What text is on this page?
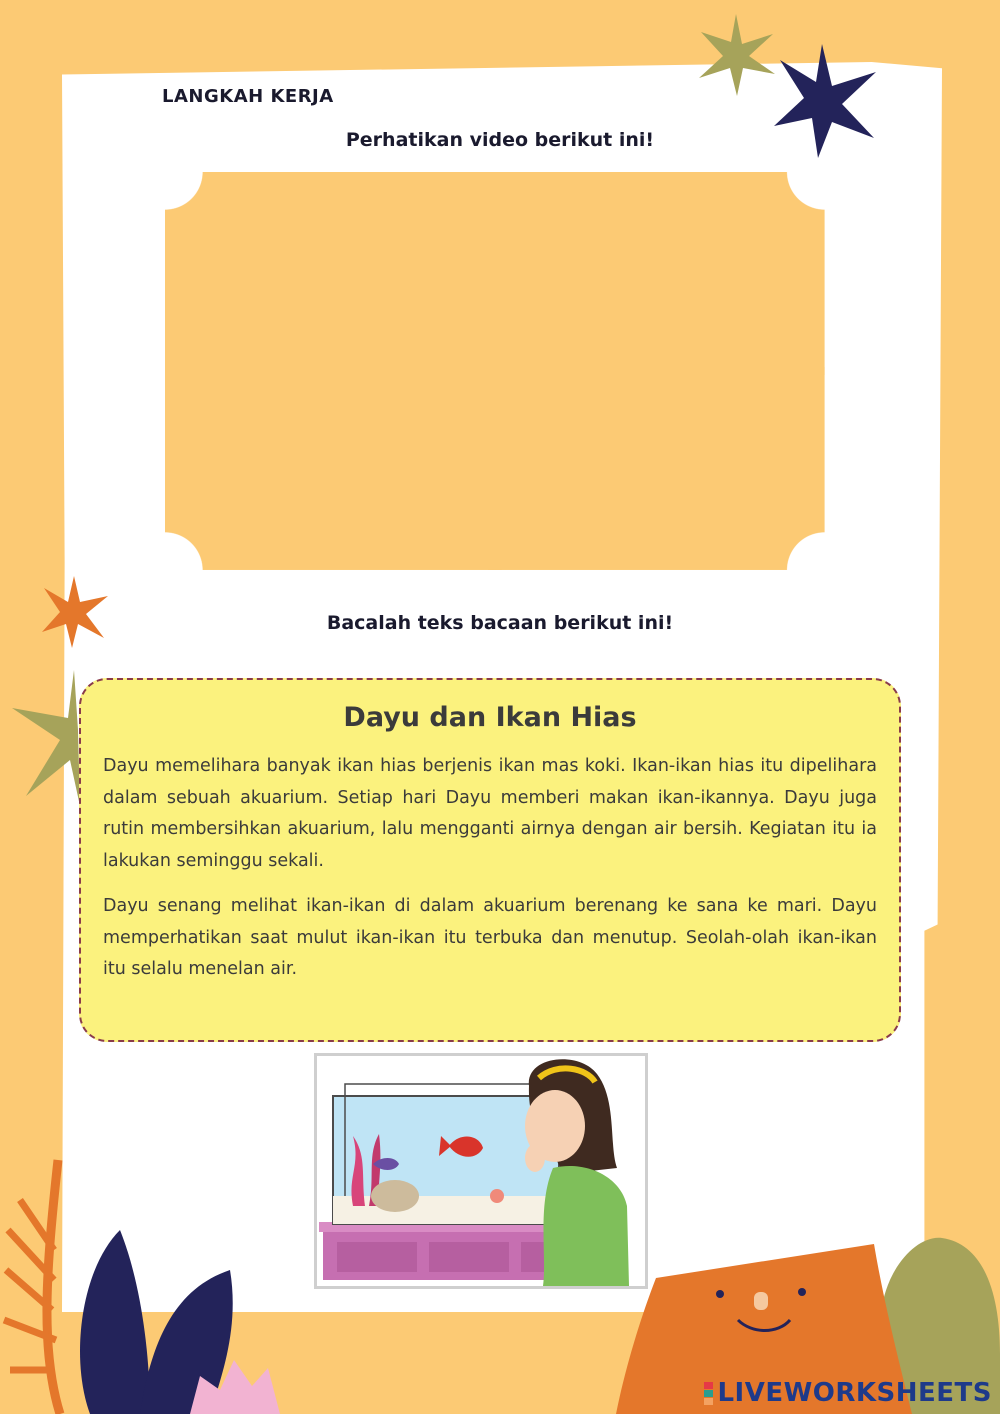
LANGKAH KERJA
Perhatikan video berikut ini!
Bacalah teks bacaan berikut ini!
Dayu dan Ikan Hias

Dayu memelihara banyak ikan hias berjenis ikan mas koki. Ikan-ikan hias itu dipelihara dalam sebuah akuarium. Setiap hari Dayu memberi makan ikan-ikannya. Dayu juga rutin membersihkan akuarium, lalu mengganti airnya dengan air bersih. Kegiatan itu ia lakukan seminggu sekali.

Dayu senang melihat ikan-ikan di dalam akuarium berenang ke sana ke mari. Dayu memperhatikan saat mulut ikan-ikan itu terbuka dan menutup. Seolah-olah ikan-ikan itu selalu menelan air.

LIVEWORKSHEETS
